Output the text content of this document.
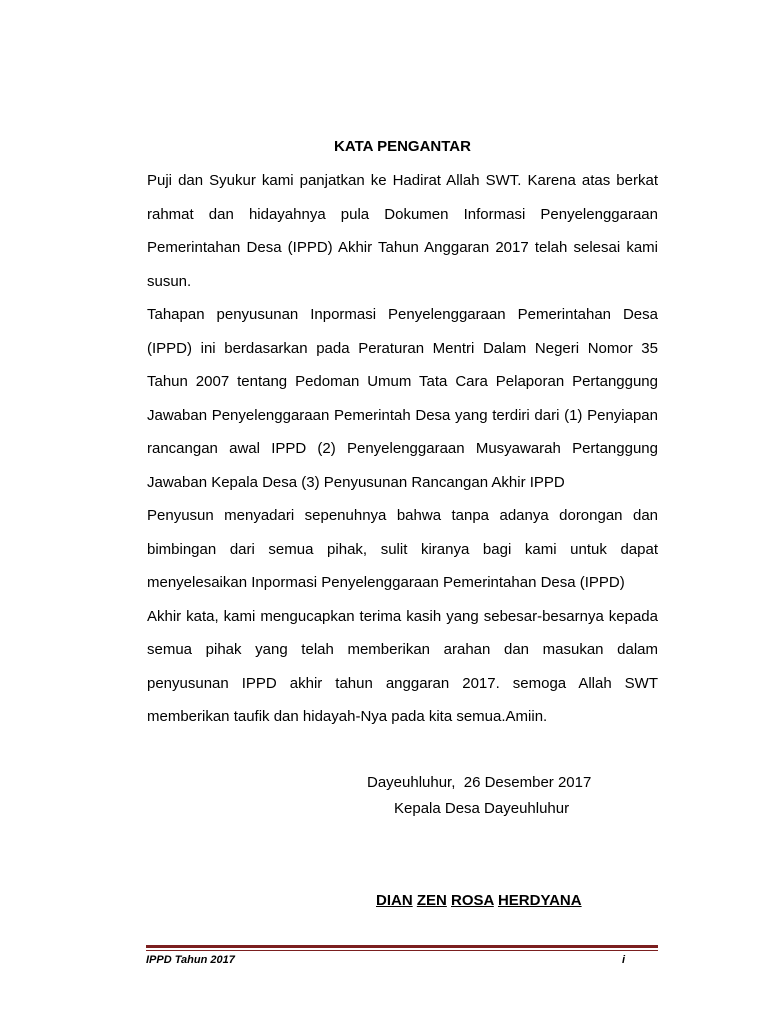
KATA PENGANTAR

Puji dan Syukur kami panjatkan ke Hadirat Allah SWT. Karena atas berkat rahmat dan hidayahnya pula Dokumen Informasi Penyelenggaraan Pemerintahan Desa (IPPD) Akhir Tahun Anggaran 2017 telah selesai kami susun.

Tahapan penyusunan Inpormasi Penyelenggaraan Pemerintahan Desa (IPPD) ini berdasarkan pada Peraturan Mentri Dalam Negeri Nomor 35 Tahun 2007 tentang Pedoman Umum Tata Cara Pelaporan Pertanggung Jawaban Penyelenggaraan Pemerintah Desa yang terdiri dari (1) Penyiapan rancangan awal IPPD (2) Penyelenggaraan Musyawarah Pertanggung Jawaban Kepala Desa (3) Penyusunan Rancangan Akhir IPPD

Penyusun menyadari sepenuhnya bahwa tanpa adanya dorongan dan bimbingan dari semua pihak, sulit kiranya bagi kami untuk dapat menyelesaikan Inpormasi Penyelenggaraan Pemerintahan Desa (IPPD)

Akhir kata, kami mengucapkan terima kasih yang sebesar-besarnya kepada semua pihak yang telah memberikan arahan dan masukan dalam penyusunan IPPD akhir tahun anggaran 2017. semoga Allah SWT memberikan taufik dan hidayah-Nya pada kita semua.Amiin.

Dayeuhluhur,  26 Desember 2017
Kepala Desa Dayeuhluhur
DIAN ZEN ROSA HERDYANA
IPPD Tahun 2017	i
